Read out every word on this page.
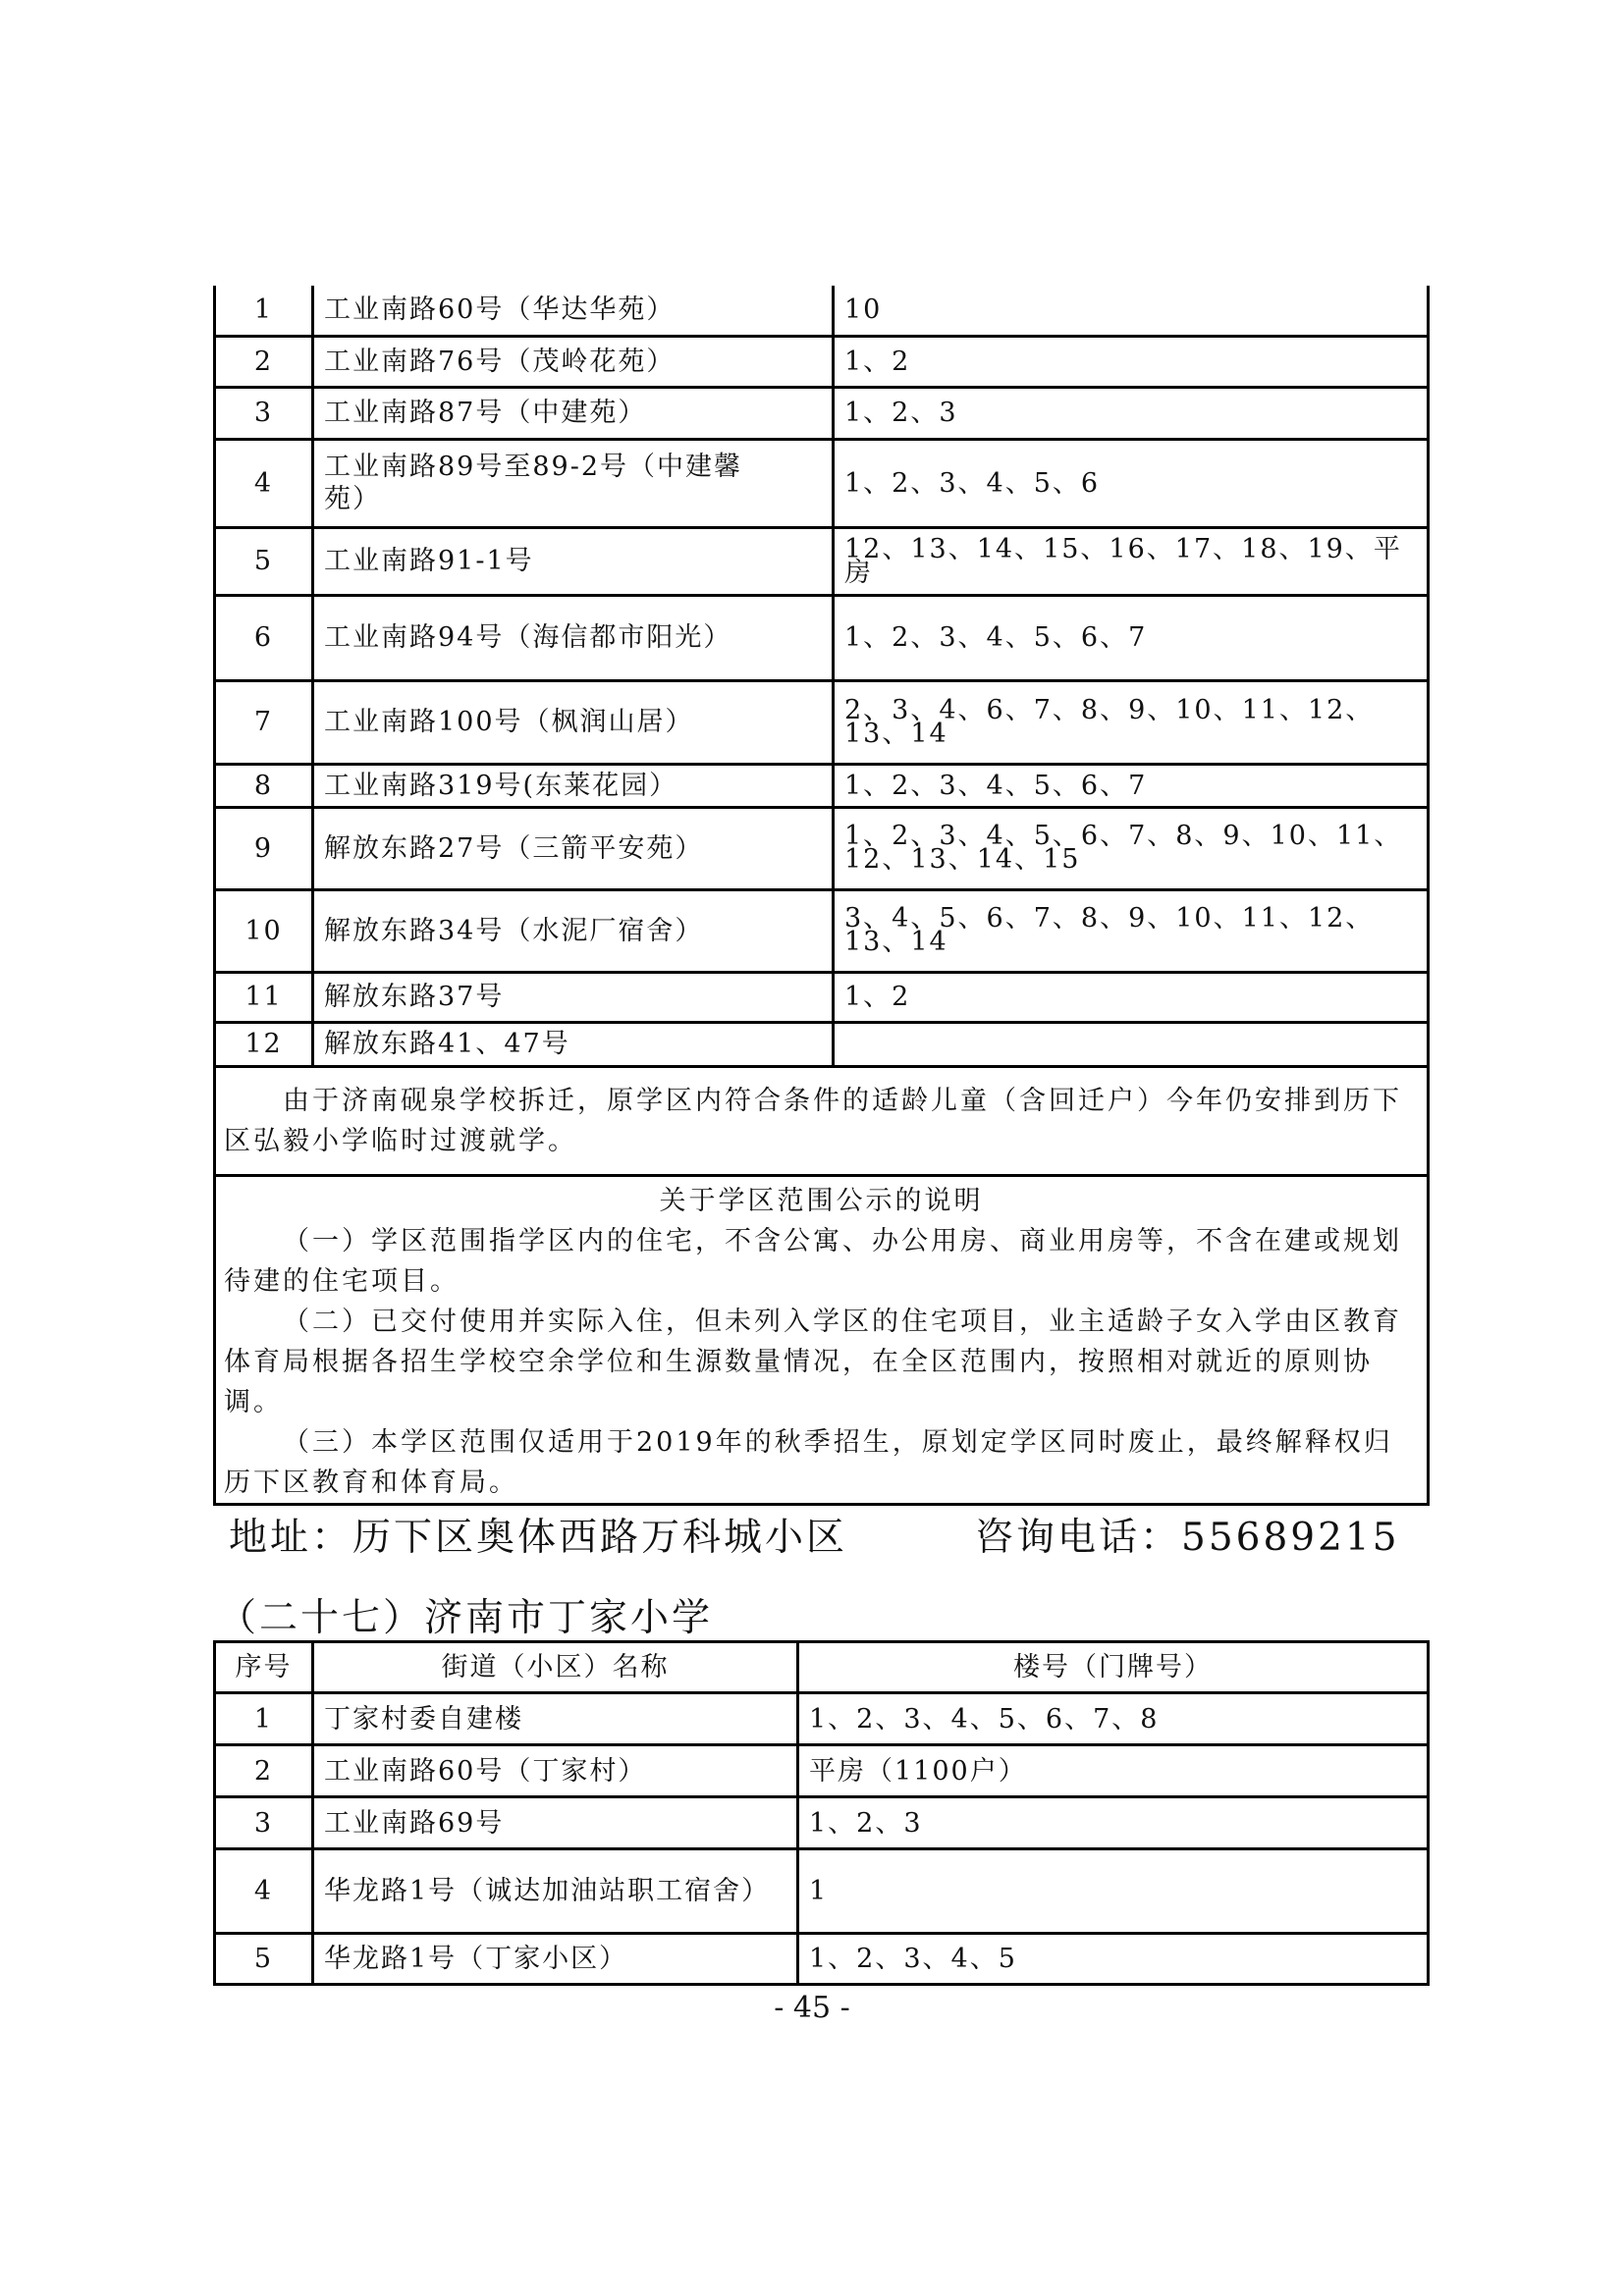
1	工业南路60号（华达华苑）	10
2	工业南路76号（茂岭花苑）	1、2
3	工业南路87号（中建苑）	1、2、3
4	工业南路89号至89-2号（中建馨苑）	1、2、3、4、5、6
5	工业南路91-1号	12、13、14、15、16、17、18、19、平房
6	工业南路94号（海信都市阳光）	1、2、3、4、5、6、7
7	工业南路100号（枫润山居）	2、3、4、6、7、8、9、10、11、12、13、14
8	工业南路319号(东莱花园）	1、2、3、4、5、6、7
9	解放东路27号（三箭平安苑）	1、2、3、4、5、6、7、8、9、10、11、12、13、14、15
10	解放东路34号（水泥厂宿舍）	3、4、5、6、7、8、9、10、11、12、13、14
11	解放东路37号	1、2
12	解放东路41、47号	
由于济南砚泉学校拆迁，原学区内符合条件的适龄儿童（含回迁户）今年仍安排到历下区弘毅小学临时过渡就学。		

关于学区范围公示的说明
（一）学区范围指学区内的住宅，不含公寓、办公用房、商业用房等，不含在建或规划待建的住宅项目。
（二）已交付使用并实际入住，但未列入学区的住宅项目，业主适龄子女入学由区教育体育局根据各招生学校空余学位和生源数量情况，在全区范围内，按照相对就近的原则协调。
（三）本学区范围仅适用于2019年的秋季招生，原划定学区同时废止，最终解释权归历下区教育和体育局。		
地址：历下区奥体西路万科城小区	咨询电话：55689215
（二十七）济南市丁家小学
序号	街道（小区）名称	楼号（门牌号）
1	丁家村委自建楼	1、2、3、4、5、6、7、8
2	工业南路60号（丁家村）	平房（1100户）
3	工业南路69号	1、2、3
4	华龙路1号（诚达加油站职工宿舍）	1
5	华龙路1号（丁家小区）	1、2、3、4、5
- 45 -
